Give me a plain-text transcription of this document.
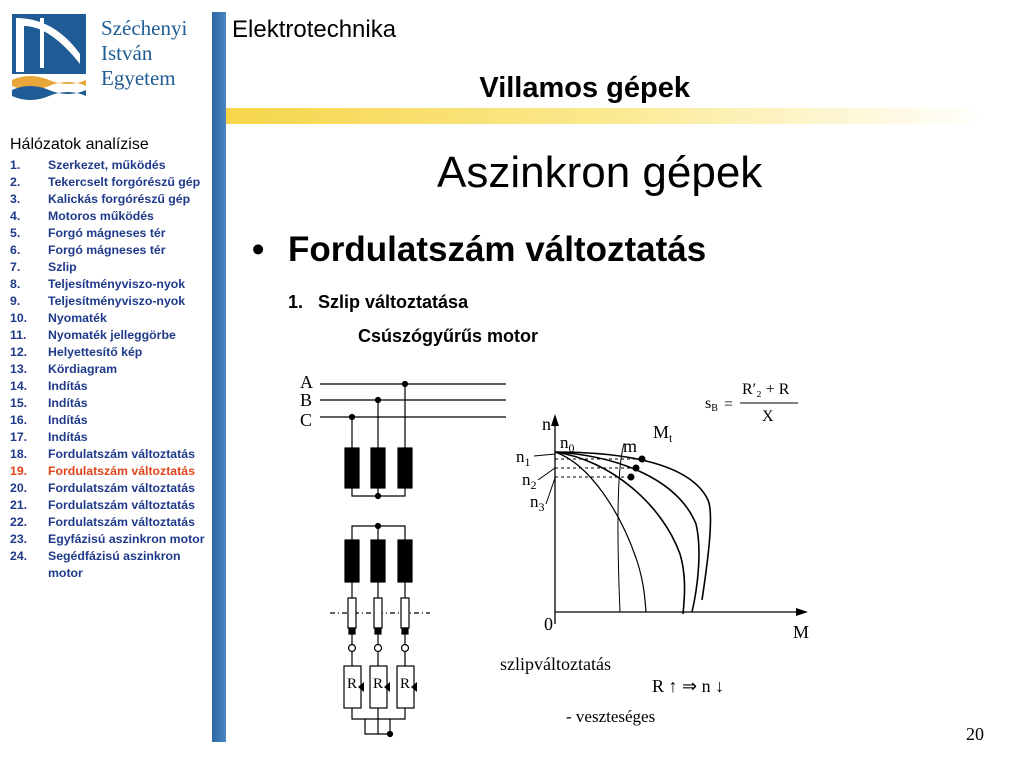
Széchenyi
István
Egyetem
Elektrotechnika
Villamos gépek
Hálózatok analízise
1. Szerkezet, működés
2. Tekercselt forgórészű gép
3. Kalickás forgórészű gép
4. Motoros működés
5. Forgó mágneses tér
6. Forgó mágneses tér
7. Szlip
8. Teljesítményviszo-nyok
9. Teljesítményviszo-nyok
10. Nyomaték
11. Nyomaték jelleggörbe
12. Helyettesítő kép
13. Kördiagram
14. Indítás
15. Indítás
16. Indítás
17. Indítás
18. Fordulatszám változtatás
19. Fordulatszám változtatás
20. Fordulatszám változtatás
21. Fordulatszám változtatás
22. Fordulatszám változtatás
23. Egyfázisú aszinkron motor
24. Segédfázisú aszinkron motor
Aszinkron gépek
• Fordulatszám változtatás
1. Szlip változtatása
Csúszógyűrűs motor
A
B
C
R R R
n
M
0
$n_0$
$n_1$
$n_2$
$n_3$
m
$M_t$
sB =
R′₂ + R
X
szlipváltoztatás
R ↑ ⇒ n ↓
- veszteséges
20
